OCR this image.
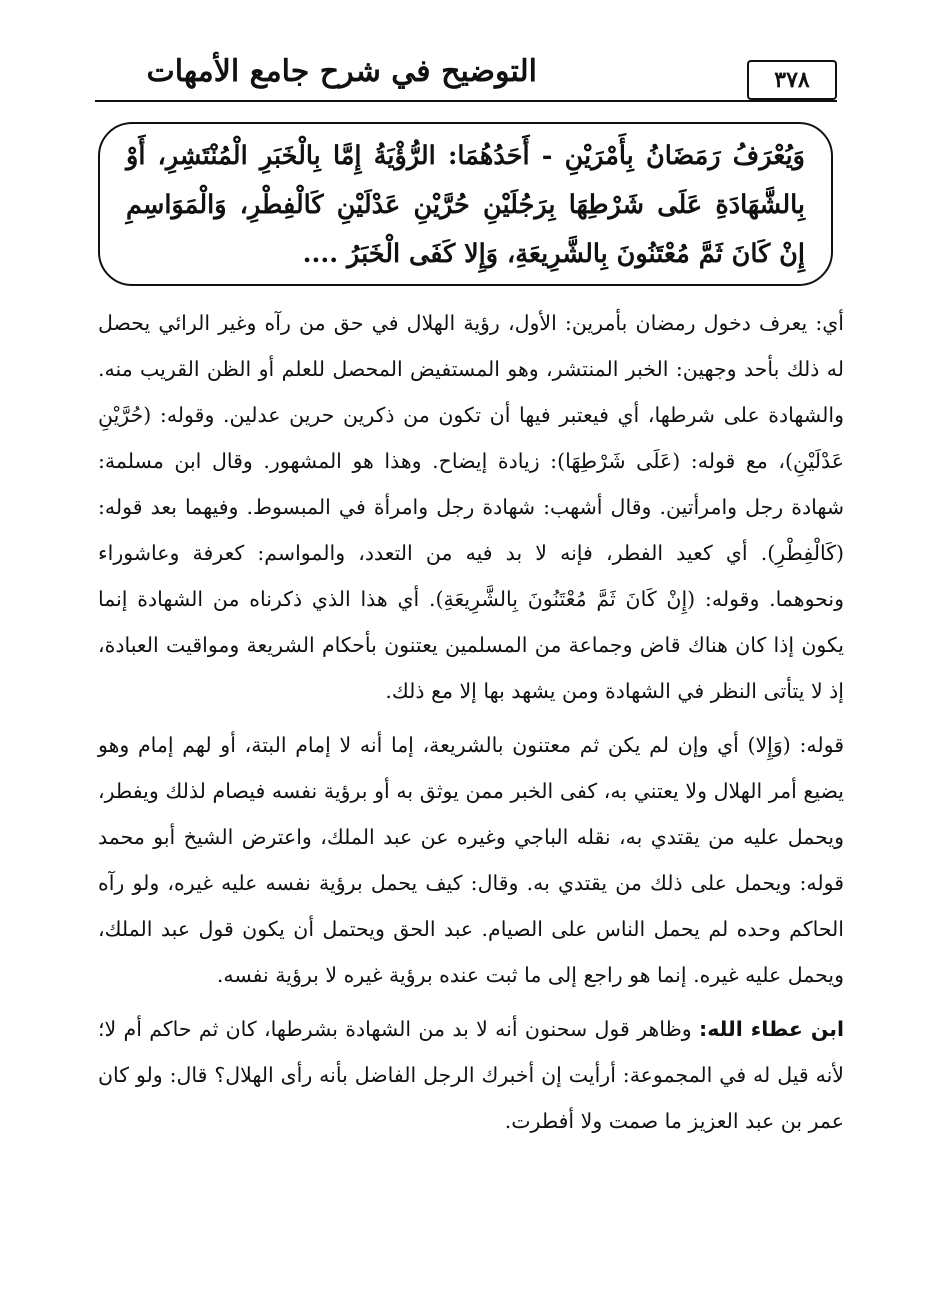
التوضيح في شرح جامع الأمهات	٣٧٨
وَيُعْرَفُ رَمَضَانُ بِأَمْرَيْنِ - أَحَدُهُمَا: الرُّؤْيَةُ إِمَّا بِالْخَبَرِ الْمُنْتَشِرِ، أَوْ بِالشَّهَادَةِ عَلَى شَرْطِهَا بِرَجُلَيْنِ حُرَّيْنِ عَدْلَيْنِ كَالْفِطْرِ، وَالْمَوَاسِمِ إِنْ كَانَ ثَمَّ مُعْتَنُونَ بِالشَّرِيعَةِ، وَإِلا كَفَى الْخَبَرُ ....

أي: يعرف دخول رمضان بأمرين: الأول، رؤية الهلال في حق من رآه وغير الرائي يحصل له ذلك بأحد وجهين: الخبر المنتشر، وهو المستفيض المحصل للعلم أو الظن القريب منه. والشهادة على شرطها، أي فيعتبر فيها أن تكون من ذكرين حرين عدلين. وقوله: (حُرَّيْنِ عَدْلَيْنِ)، مع قوله: (عَلَى شَرْطِهَا): زيادة إيضاح. وهذا هو المشهور. وقال ابن مسلمة: شهادة رجل وامرأتين. وقال أشهب: شهادة رجل وامرأة في المبسوط. وفيهما بعد قوله: (كَالْفِطْرِ). أي كعيد الفطر، فإنه لا بد فيه من التعدد، والمواسم: كعرفة وعاشوراء ونحوهما. وقوله: (إِنْ كَانَ ثَمَّ مُعْتَنُونَ بِالشَّرِيعَةِ). أي هذا الذي ذكرناه من الشهادة إنما يكون إذا كان هناك قاض وجماعة من المسلمين يعتنون بأحكام الشريعة ومواقيت العبادة، إذ لا يتأتى النظر في الشهادة ومن يشهد بها إلا مع ذلك.

قوله: (وَإِلا) أي وإن لم يكن ثم معتنون بالشريعة، إما أنه لا إمام البتة، أو لهم إمام وهو يضيع أمر الهلال ولا يعتني به، كفى الخبر ممن يوثق به أو برؤية نفسه فيصام لذلك ويفطر، ويحمل عليه من يقتدي به، نقله الباجي وغيره عن عبد الملك، واعترض الشيخ أبو محمد قوله: ويحمل على ذلك من يقتدي به. وقال: كيف يحمل برؤية نفسه عليه غيره، ولو رآه الحاكم وحده لم يحمل الناس على الصيام. عبد الحق ويحتمل أن يكون قول عبد الملك، ويحمل عليه غيره. إنما هو راجع إلى ما ثبت عنده برؤية غيره لا برؤية نفسه.

ابن عطاء الله: وظاهر قول سحنون أنه لا بد من الشهادة بشرطها، كان ثم حاكم أم لا؛ لأنه قيل له في المجموعة: أرأيت إن أخبرك الرجل الفاضل بأنه رأى الهلال؟ قال: ولو كان عمر بن عبد العزيز ما صمت ولا أفطرت.
